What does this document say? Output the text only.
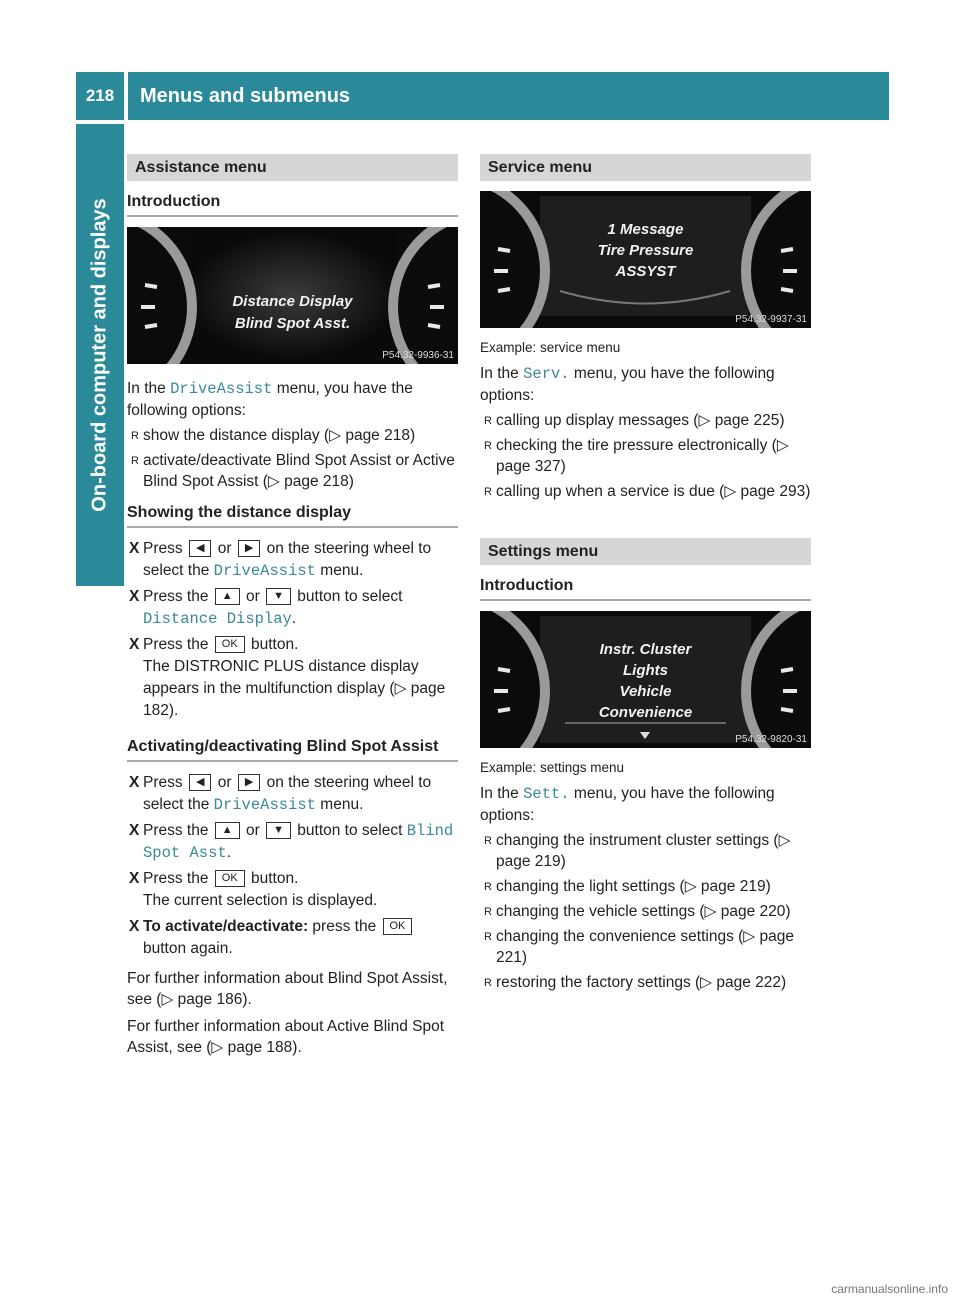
218	Menus and submenus
On-board computer and displays
Assistance menu
Introduction
Distance Display
Blind Spot Asst.
P54.32-9936-31

In the DriveAssist menu, you have the following options:

R show the distance display (▷ page 218)
R activate/deactivate Blind Spot Assist or Active Blind Spot Assist (▷ page 218)
Showing the distance display
X Press ◀ or ▶ on the steering wheel to select the DriveAssist menu.
X Press the ▲ or ▼ button to select Distance Display.
X Press the OK button.
The DISTRONIC PLUS distance display appears in the multifunction display (▷ page 182).
Activating/deactivating Blind Spot Assist
X Press ◀ or ▶ on the steering wheel to select the DriveAssist menu.
X Press the ▲ or ▼ button to select Blind Spot Asst.
X Press the OK button.
The current selection is displayed.
X To activate/deactivate: press the OK button again.

For further information about Blind Spot Assist, see (▷ page 186).

For further information about Active Blind Spot Assist, see (▷ page 188).

Service menu
1 Message
Tire Pressure
ASSYST
P54.32-9937-31
Example: service menu

In the Serv. menu, you have the following options:

R calling up display messages (▷ page 225)
R checking the tire pressure electronically (▷ page 327)
R calling up when a service is due (▷ page 293)
Settings menu
Introduction
Instr. Cluster
Lights
Vehicle
Convenience
P54.32-9820-31
Example: settings menu

In the Sett. menu, you have the following options:

R changing the instrument cluster settings (▷ page 219)
R changing the light settings (▷ page 219)
R changing the vehicle settings (▷ page 220)
R changing the convenience settings (▷ page 221)
R restoring the factory settings (▷ page 222)
carmanualsonline.info
